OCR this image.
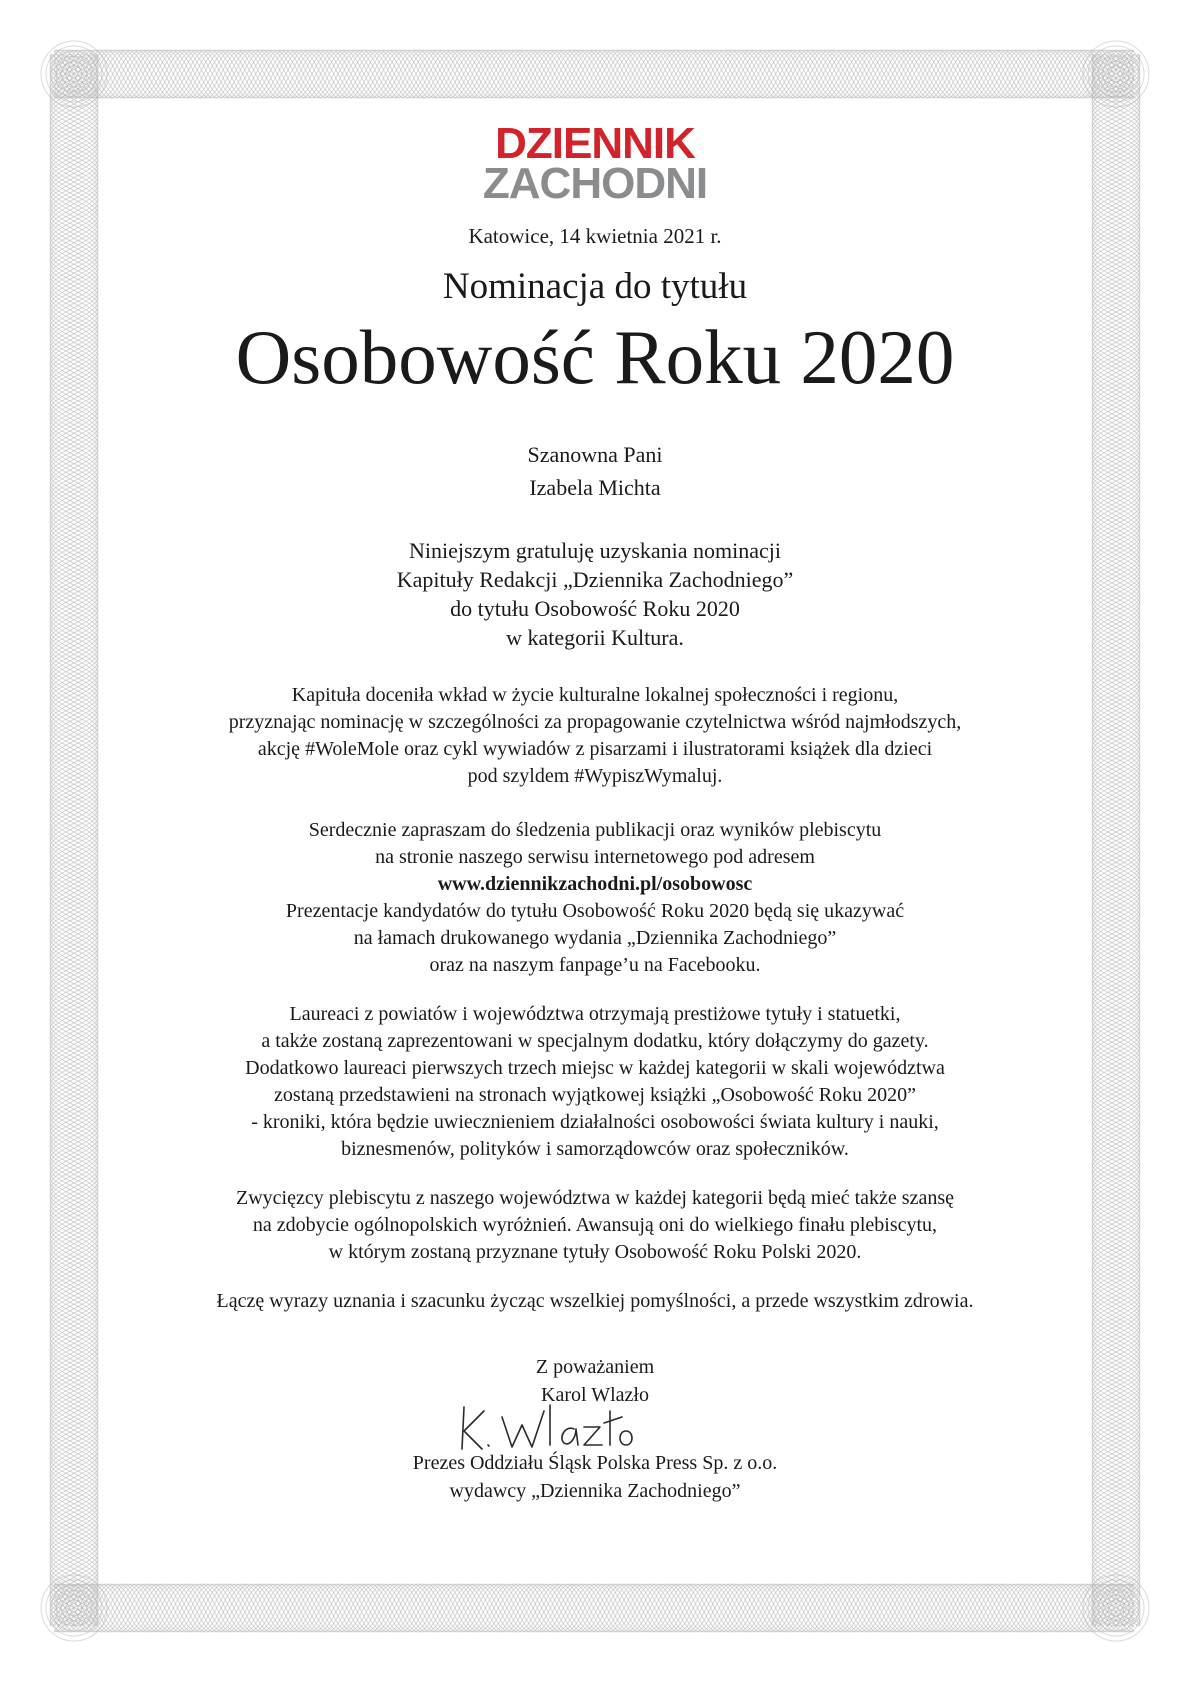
DZIENNIK
ZACHODNI
Katowice, 14 kwietnia 2021 r.
Nominacja do tytułu
Osobowość Roku 2020
Szanowna Pani
Izabela Michta
Niniejszym gratuluję uzyskania nominacji
Kapituły Redakcji „Dziennika Zachodniego”
do tytułu Osobowość Roku 2020
w kategorii Kultura.
Kapituła doceniła wkład w życie kulturalne lokalnej społeczności i regionu,
przyznając nominację w szczególności za propagowanie czytelnictwa wśród najmłodszych,
akcję #WoleMole oraz cykl wywiadów z pisarzami i ilustratorami książek dla dzieci
pod szyldem #WypiszWymaluj.
Serdecznie zapraszam do śledzenia publikacji oraz wyników plebiscytu
na stronie naszego serwisu internetowego pod adresem
www.dziennikzachodni.pl/osobowosc
Prezentacje kandydatów do tytułu Osobowość Roku 2020 będą się ukazywać
na łamach drukowanego wydania „Dziennika Zachodniego”
oraz na naszym fanpage’u na Facebooku.
Laureaci z powiatów i województwa otrzymają prestiżowe tytuły i statuetki,
a także zostaną zaprezentowani w specjalnym dodatku, który dołączymy do gazety.
Dodatkowo laureaci pierwszych trzech miejsc w każdej kategorii w skali województwa
zostaną przedstawieni na stronach wyjątkowej książki „Osobowość Roku 2020”
- kroniki, która będzie uwiecznieniem działalności osobowości świata kultury i nauki,
biznesmenów, polityków i samorządowców oraz społeczników.
Zwycięzcy plebiscytu z naszego województwa w każdej kategorii będą mieć także szansę
na zdobycie ogólnopolskich wyróżnień. Awansują oni do wielkiego finału plebiscytu,
w którym zostaną przyznane tytuły Osobowość Roku Polski 2020.
Łączę wyrazy uznania i szacunku życząc wszelkiej pomyślności, a przede wszystkim zdrowia.
Z poważaniem
Karol Wlazło
Prezes Oddziału Śląsk Polska Press Sp. z o.o.
wydawcy „Dziennika Zachodniego”
